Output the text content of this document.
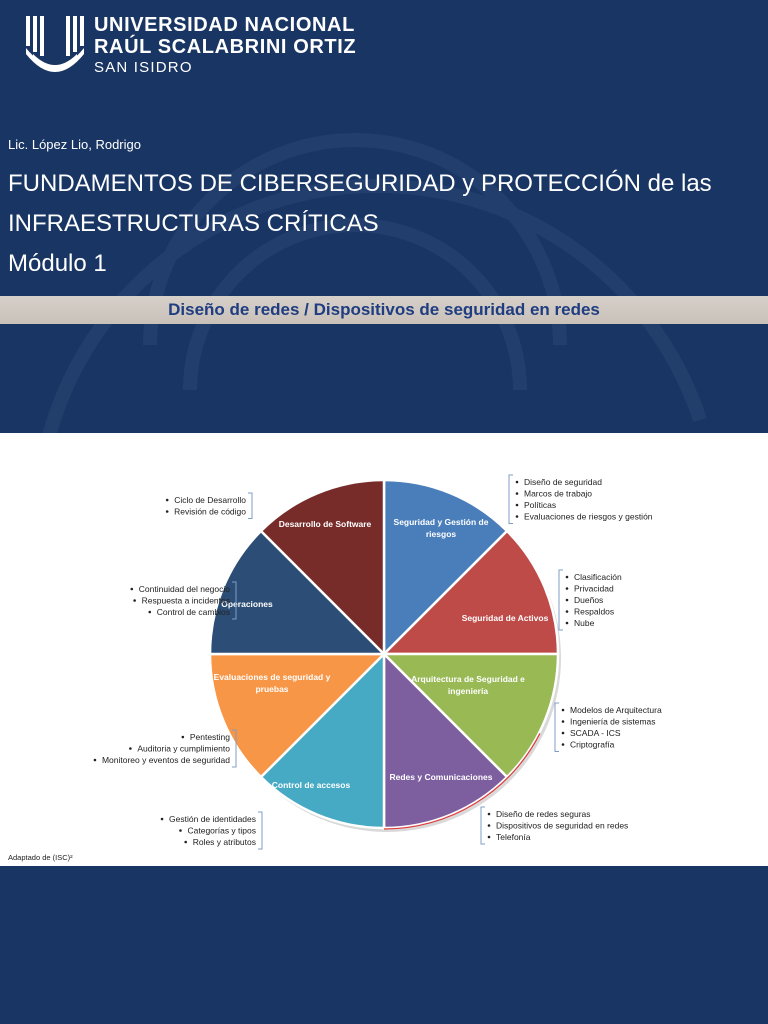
UNIVERSIDAD NACIONAL
RAÚL SCALABRINI ORTIZ
SAN ISIDRO
Lic. López Lio, Rodrigo
FUNDAMENTOS DE CIBERSEGURIDAD y PROTECCIÓN de las
INFRAESTRUCTURAS CRÍTICAS
Módulo 1
Diseño de redes / Dispositivos de seguridad en redes
Seguridad y Gestión de
riesgos
Seguridad de Activos
Arquitectura de Seguridad e
ingeniería
Redes y Comunicaciones
Control de accesos
Evaluaciones de seguridad y
pruebas
Operaciones
Desarrollo de Software
Diseño de seguridad
Marcos de trabajo
Políticas
Evaluaciones de riesgos y gestión
Clasificación
Privacidad
Dueños
Respaldos
Nube
Modelos de Arquitectura
Ingeniería de sistemas
SCADA - ICS
Criptografía
Diseño de redes seguras
Dispositivos de seguridad en redes
Telefonía
Gestión de identidades
Categorías y tipos
Roles y atributos
Pentesting
Auditoria y cumplimiento
Monitoreo y eventos de seguridad
Continuidad del negocio
Respuesta a incidentes
Control de cambios
Ciclo de Desarrollo
Revisión de código
Adaptado de (ISC)²
